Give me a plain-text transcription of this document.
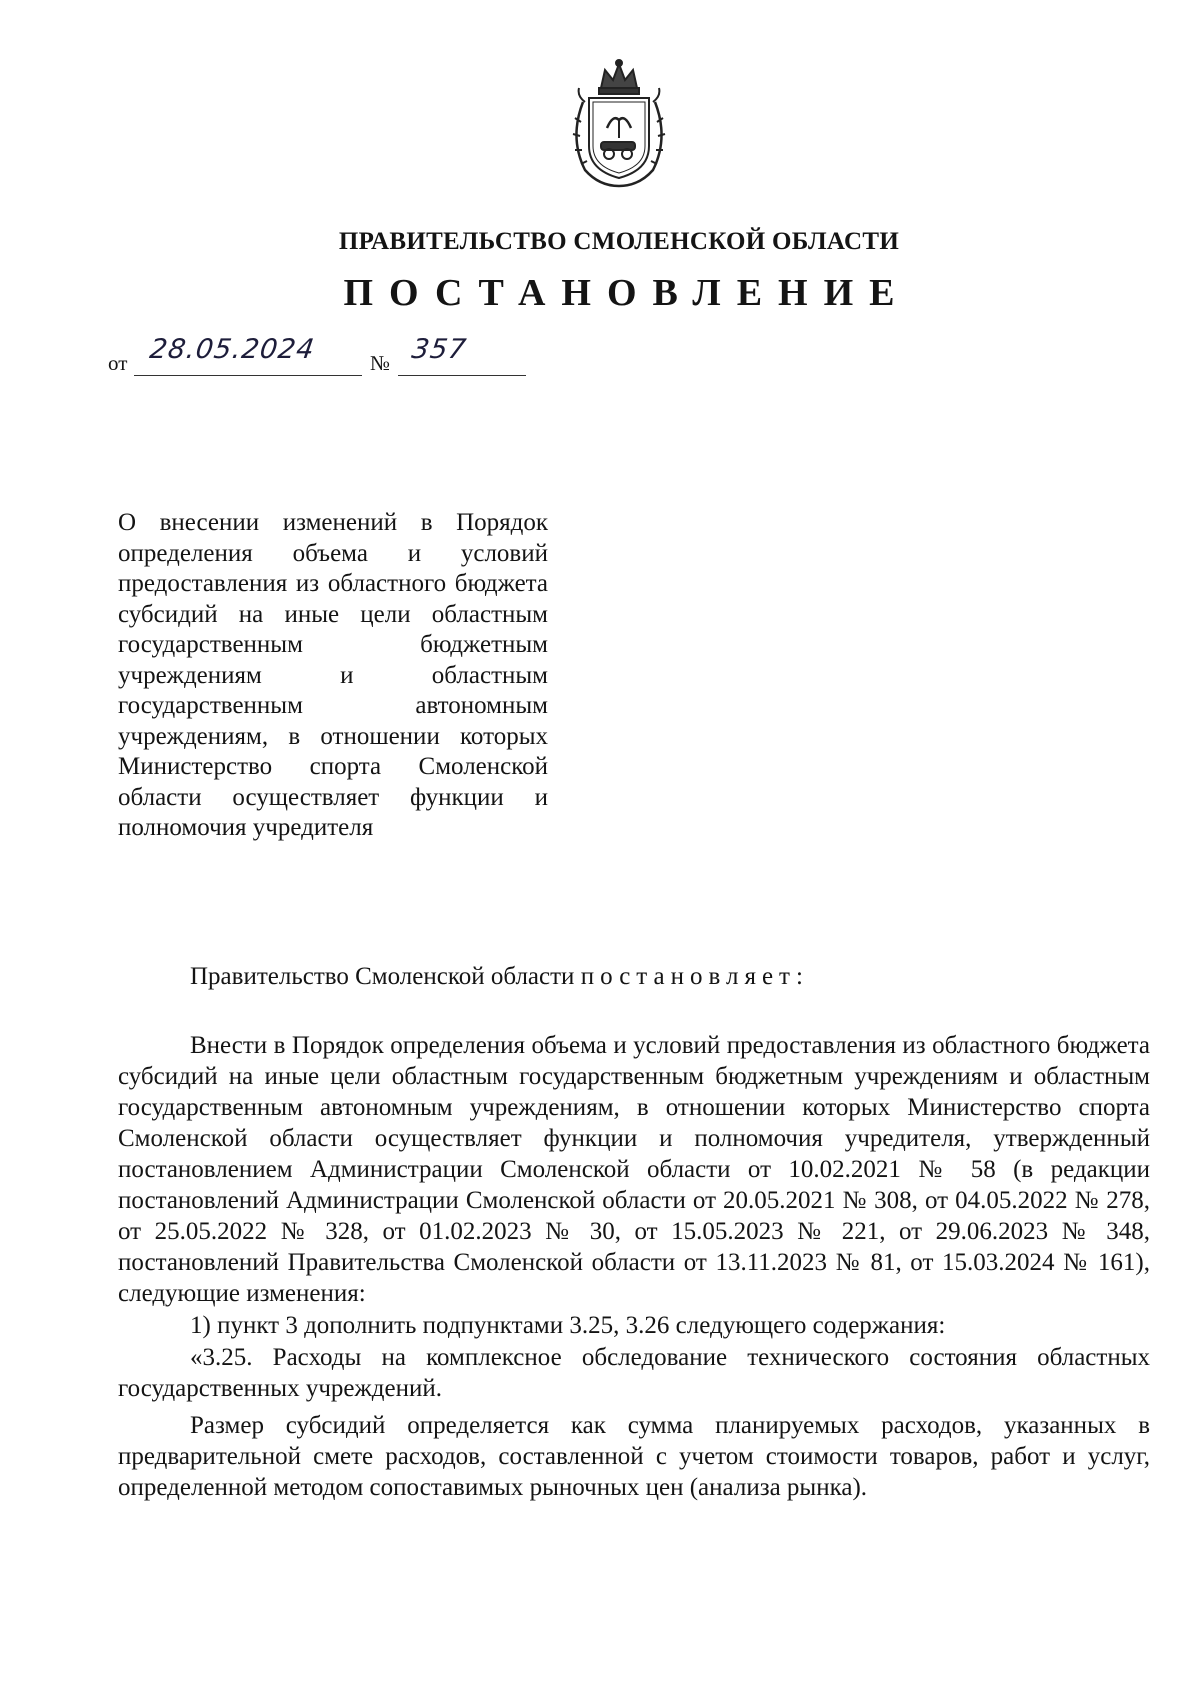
ПРАВИТЕЛЬСТВО СМОЛЕНСКОЙ ОБЛАСТИ
ПОСТАНОВЛЕНИЕ
от 28.05.2024	№ 357

О внесении изменений в Порядок определения объема и условий предоставления из областного бюджета субсидий на иные цели областным государственным бюджетным учреждениям и областным государственным автономным учреждениям, в отношении которых Министерство спорта Смоленской области осуществляет функции и полномочия учредителя

Правительство Смоленской области постановляет:

Внести в Порядок определения объема и условий предоставления из областного бюджета субсидий на иные цели областным государственным бюджетным учреждениям и областным государственным автономным учреждениям, в отношении которых Министерство спорта Смоленской области осуществляет функции и полномочия учредителя, утвержденный постановлением Администрации Смоленской области от 10.02.2021 № 58 (в редакции постановлений Администрации Смоленской области от 20.05.2021 № 308, от 04.05.2022 № 278, от 25.05.2022 № 328, от 01.02.2023 № 30, от 15.05.2023 № 221, от 29.06.2023 № 348, постановлений Правительства Смоленской области от 13.11.2023 № 81, от 15.03.2024 № 161), следующие изменения:

1) пункт 3 дополнить подпунктами 3.25, 3.26 следующего содержания:

«3.25. Расходы на комплексное обследование технического состояния областных государственных учреждений.

Размер субсидий определяется как сумма планируемых расходов, указанных в предварительной смете расходов, составленной с учетом стоимости товаров, работ и услуг, определенной методом сопоставимых рыночных цен (анализа рынка).
